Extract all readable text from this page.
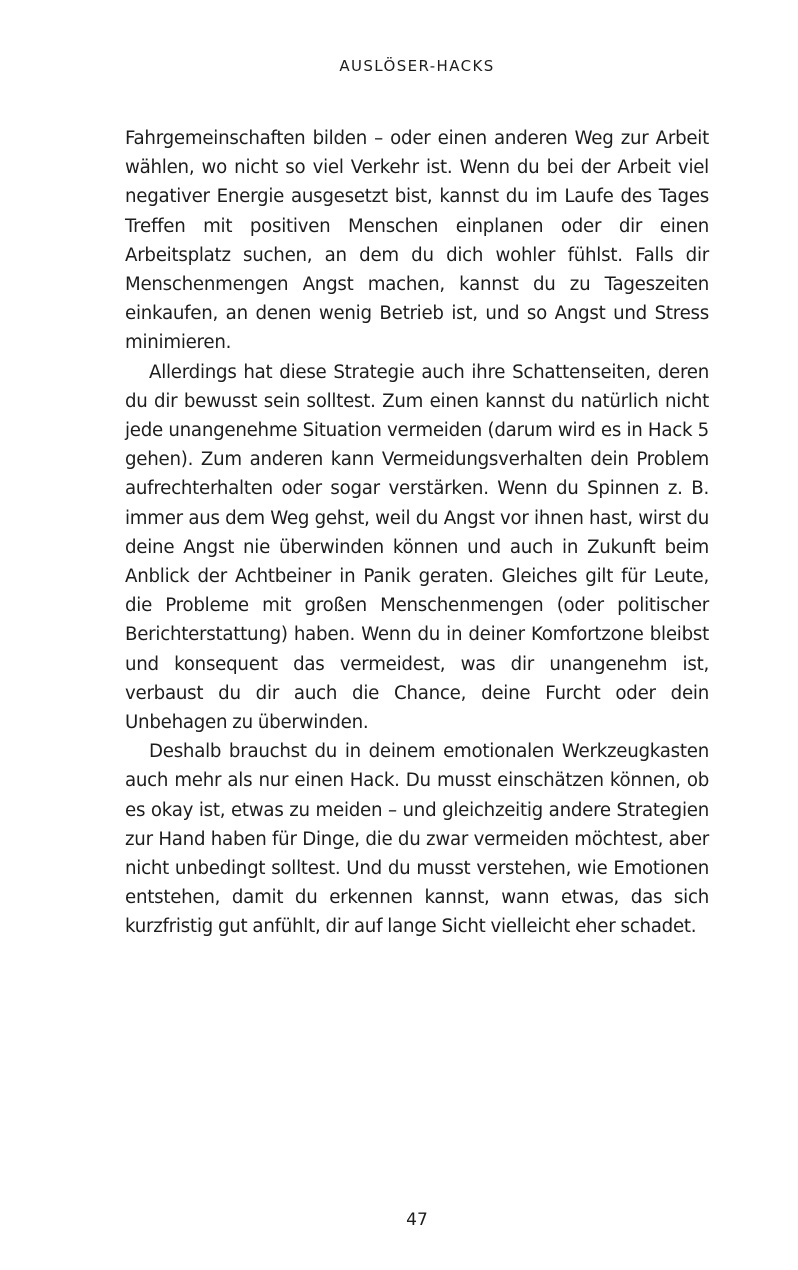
AUSLÖSER-HACKS

Fahrgemeinschaften bilden – oder einen anderen Weg zur Arbeit wählen, wo nicht so viel Verkehr ist. Wenn du bei der Arbeit viel negativer Energie ausgesetzt bist, kannst du im Laufe des Tages Treffen mit positiven Menschen einplanen oder dir einen Arbeitsplatz suchen, an dem du dich wohler fühlst. Falls dir Menschenmengen Angst machen, kannst du zu Tageszeiten einkaufen, an denen wenig Betrieb ist, und so Angst und Stress minimieren.

Allerdings hat diese Strategie auch ihre Schattenseiten, deren du dir bewusst sein solltest. Zum einen kannst du natürlich nicht jede unangenehme Situation vermeiden (darum wird es in Hack 5 gehen). Zum anderen kann Vermeidungsverhalten dein Problem aufrechterhalten oder sogar verstärken. Wenn du Spinnen z. B. immer aus dem Weg gehst, weil du Angst vor ihnen hast, wirst du deine Angst nie überwinden können und auch in Zukunft beim Anblick der Achtbeiner in Panik geraten. Gleiches gilt für Leute, die Probleme mit großen Menschenmengen (oder politischer Berichterstattung) haben. Wenn du in deiner Komfortzone bleibst und konsequent das vermeidest, was dir unangenehm ist, verbaust du dir auch die Chance, deine Furcht oder dein Unbehagen zu überwinden.

Deshalb brauchst du in deinem emotionalen Werkzeugkasten auch mehr als nur einen Hack. Du musst einschätzen können, ob es okay ist, etwas zu meiden – und gleichzeitig andere Strategien zur Hand haben für Dinge, die du zwar vermeiden möchtest, aber nicht unbedingt solltest. Und du musst verstehen, wie Emotionen entstehen, damit du erkennen kannst, wann etwas, das sich kurzfristig gut anfühlt, dir auf lange Sicht vielleicht eher schadet.

47
